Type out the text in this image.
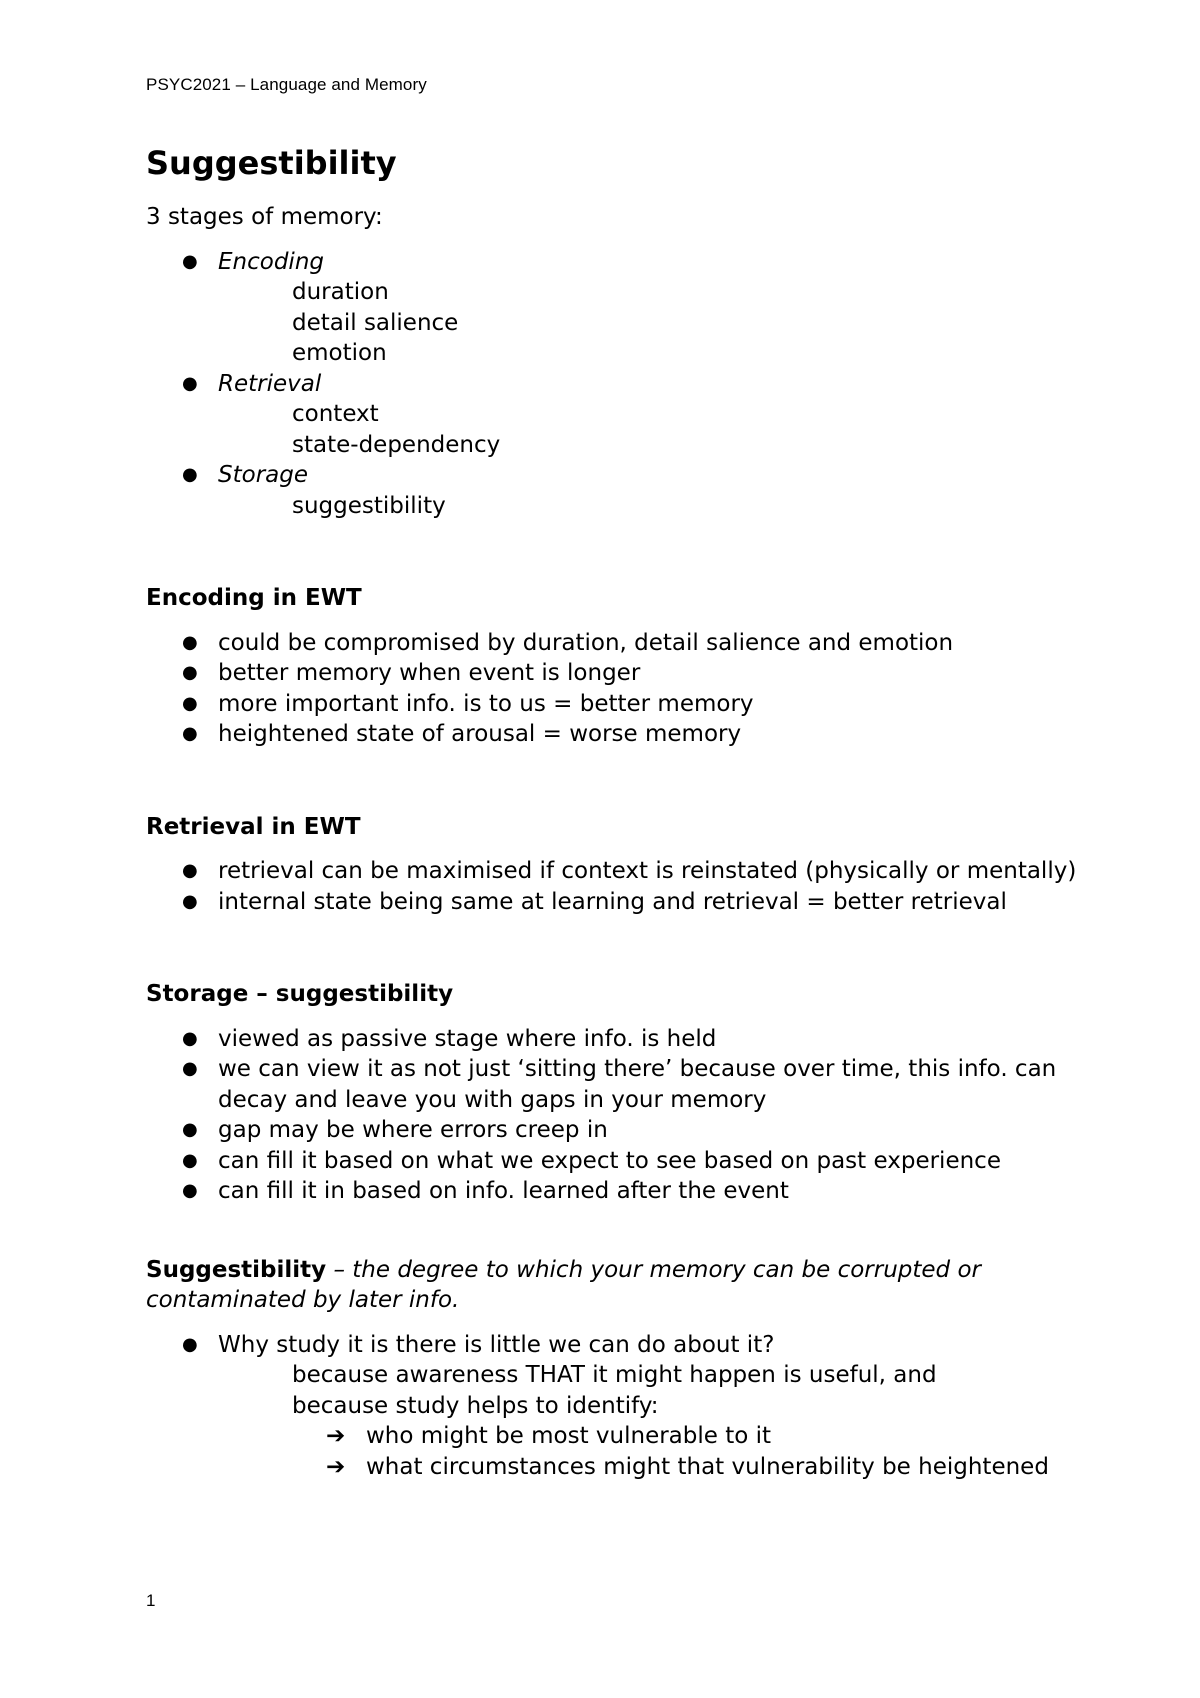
PSYC2021 – Language and Memory
Suggestibility

3 stages of memory:

● Encoding
duration
detail salience
emotion
● Retrieval
context
state-dependency
● Storage
suggestibility
Encoding in EWT
● could be compromised by duration, detail salience and emotion
● better memory when event is longer
● more important info. is to us = better memory
● heightened state of arousal = worse memory
Retrieval in EWT
● retrieval can be maximised if context is reinstated (physically or mentally)
● internal state being same at learning and retrieval = better retrieval
Storage – suggestibility
● viewed as passive stage where info. is held
● we can view it as not just ‘sitting there’ because over time, this info. can decay and leave you with gaps in your memory
● gap may be where errors creep in
● can fill it based on what we expect to see based on past experience
● can fill it in based on info. learned after the event

Suggestibility – the degree to which your memory can be corrupted or contaminated by later info.

● Why study it is there is little we can do about it?
because awareness THAT it might happen is useful, and
because study helps to identify:
➔ who might be most vulnerable to it
➔ what circumstances might that vulnerability be heightened
1
